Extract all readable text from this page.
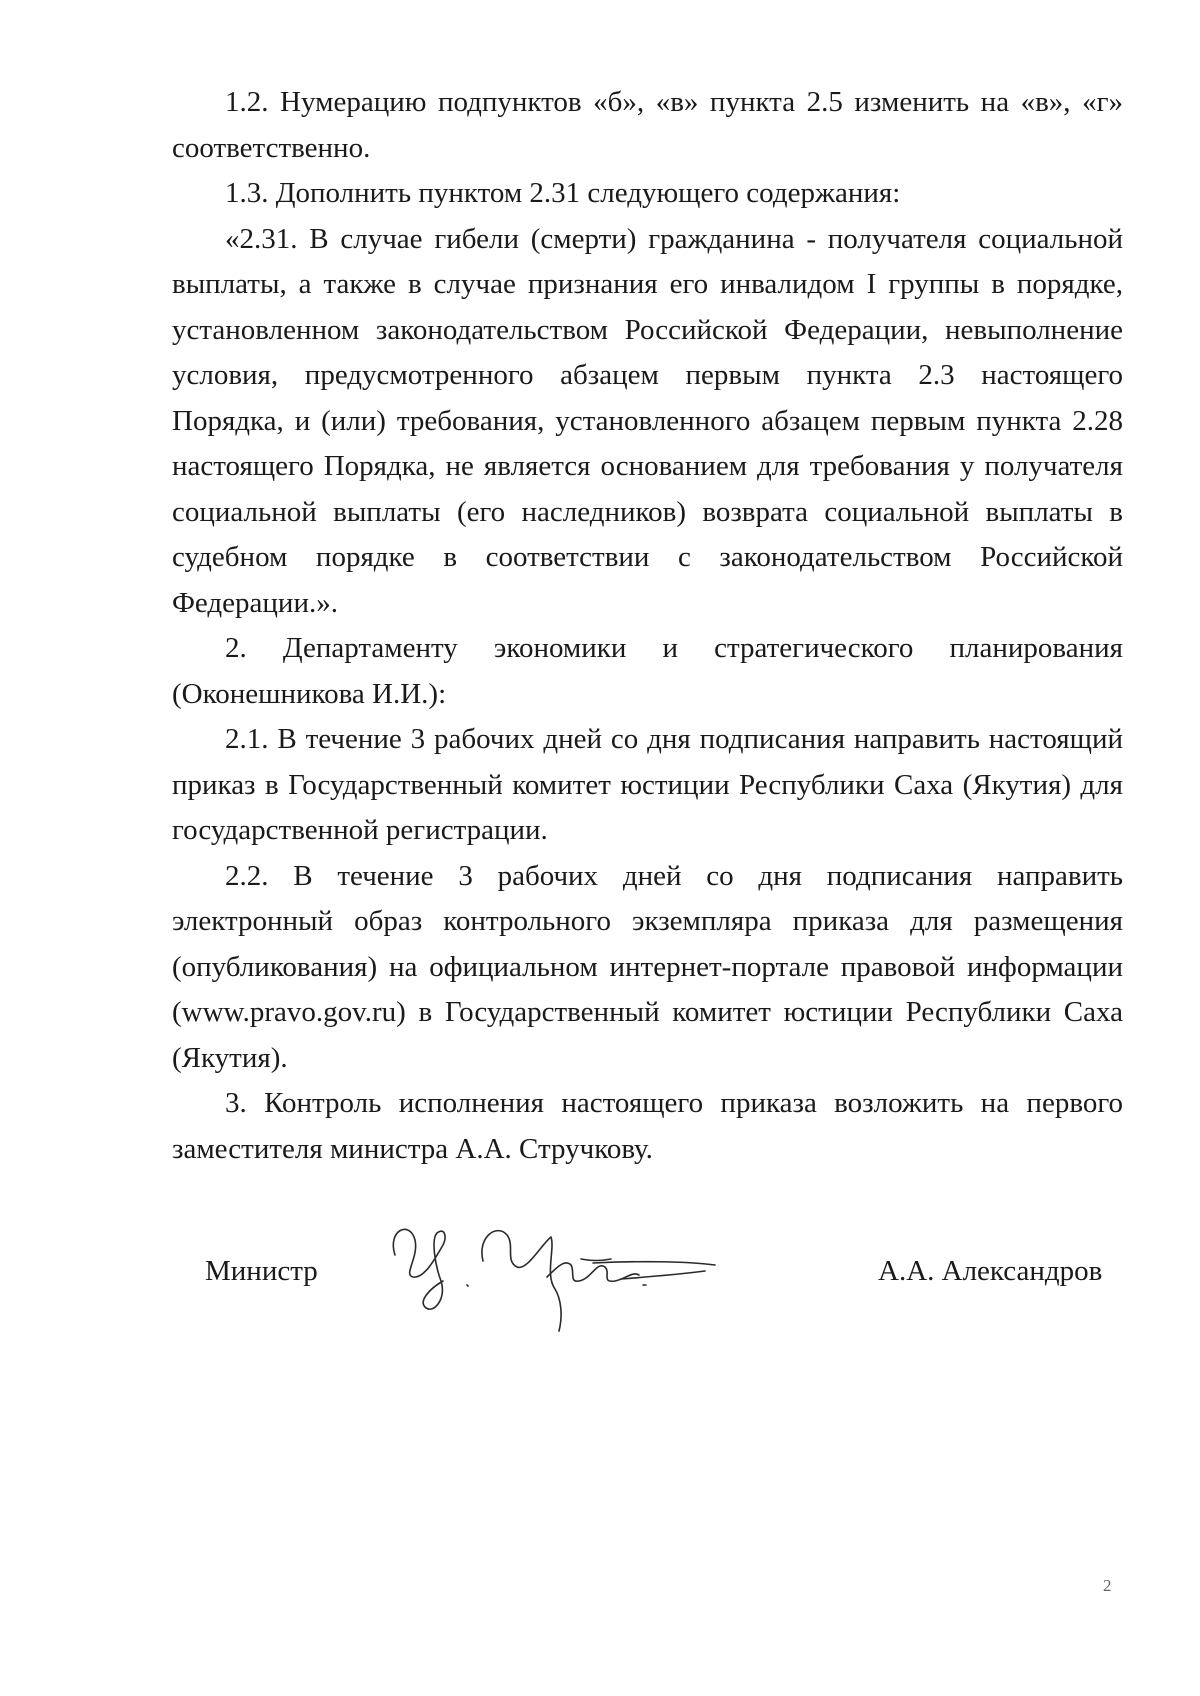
1.2. Нумерацию подпунктов «б», «в» пункта 2.5 изменить на «в», «г» соответственно.

1.3. Дополнить пунктом 2.31 следующего содержания:

«2.31. В случае гибели (смерти) гражданина - получателя социальной выплаты, а также в случае признания его инвалидом I группы в порядке, установленном законодательством Российской Федерации, невыполнение условия, предусмотренного абзацем первым пункта 2.3 настоящего Порядка, и (или) требования, установленного абзацем первым пункта 2.28 настоящего Порядка, не является основанием для требования у получателя социальной выплаты (его наследников) возврата социальной выплаты в судебном порядке в соответствии с законодательством Российской Федерации.».

2. Департаменту экономики и стратегического планирования (Оконешникова И.И.):

2.1. В течение 3 рабочих дней со дня подписания направить настоящий приказ в Государственный комитет юстиции Республики Саха (Якутия) для государственной регистрации.

2.2. В течение 3 рабочих дней со дня подписания направить электронный образ контрольного экземпляра приказа для размещения (опубликования) на официальном интернет-портале правовой информации (www.pravo.gov.ru) в Государственный комитет юстиции Республики Саха (Якутия).

3. Контроль исполнения настоящего приказа возложить на первого заместителя министра А.А. Стручкову.

Министр	А.А. Александров
2
